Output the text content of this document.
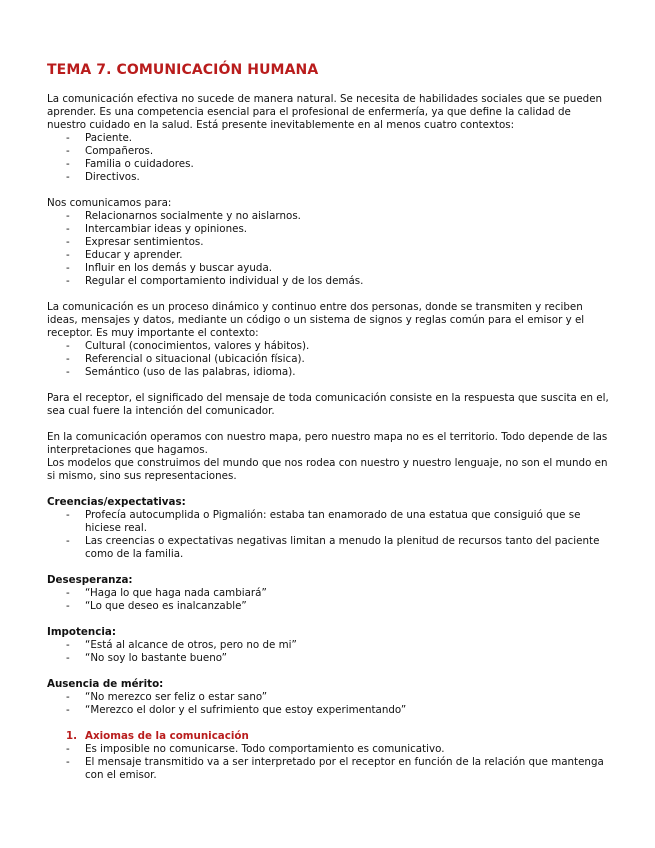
TEMA 7. COMUNICACIÓN HUMANA

La comunicación efectiva no sucede de manera natural. Se necesita de habilidades sociales que se pueden aprender. Es una competencia esencial para el profesional de enfermería, ya que define la calidad de nuestro cuidado en la salud. Está presente inevitablemente en al menos cuatro contextos:

- Paciente.
- Compañeros.
- Familia o cuidadores.
- Directivos.

Nos comunicamos para:

- Relacionarnos socialmente y no aislarnos.
- Intercambiar ideas y opiniones.
- Expresar sentimientos.
- Educar y aprender.
- Influir en los demás y buscar ayuda.
- Regular el comportamiento individual y de los demás.

La comunicación es un proceso dinámico y continuo entre dos personas, donde se transmiten y reciben ideas, mensajes y datos, mediante un código o un sistema de signos y reglas común para el emisor y el receptor. Es muy importante el contexto:

- Cultural (conocimientos, valores y hábitos).
- Referencial o situacional (ubicación física).
- Semántico (uso de las palabras, idioma).

Para el receptor, el significado del mensaje de toda comunicación consiste en la respuesta que suscita en el, sea cual fuere la intención del comunicador.

En la comunicación operamos con nuestro mapa, pero nuestro mapa no es el territorio. Todo depende de las interpretaciones que hagamos.

Los modelos que construimos del mundo que nos rodea con nuestro y nuestro lenguaje, no son el mundo en si mismo, sino sus representaciones.

Creencias/expectativas:

- Profecía autocumplida o Pigmalión: estaba tan enamorado de una estatua que consiguió que se hiciese real.
- Las creencias o expectativas negativas limitan a menudo la plenitud de recursos tanto del paciente como de la familia.

Desesperanza:

- “Haga lo que haga nada cambiará”
- “Lo que deseo es inalcanzable”

Impotencia:

- “Está al alcance de otros, pero no de mi”
- “No soy lo bastante bueno”

Ausencia de mérito:

- “No merezco ser feliz o estar sano”
- “Merezco el dolor y el sufrimiento que estoy experimentando”

1. Axiomas de la comunicación

- Es imposible no comunicarse. Todo comportamiento es comunicativo.
- El mensaje transmitido va a ser interpretado por el receptor en función de la relación que mantenga con el emisor.
